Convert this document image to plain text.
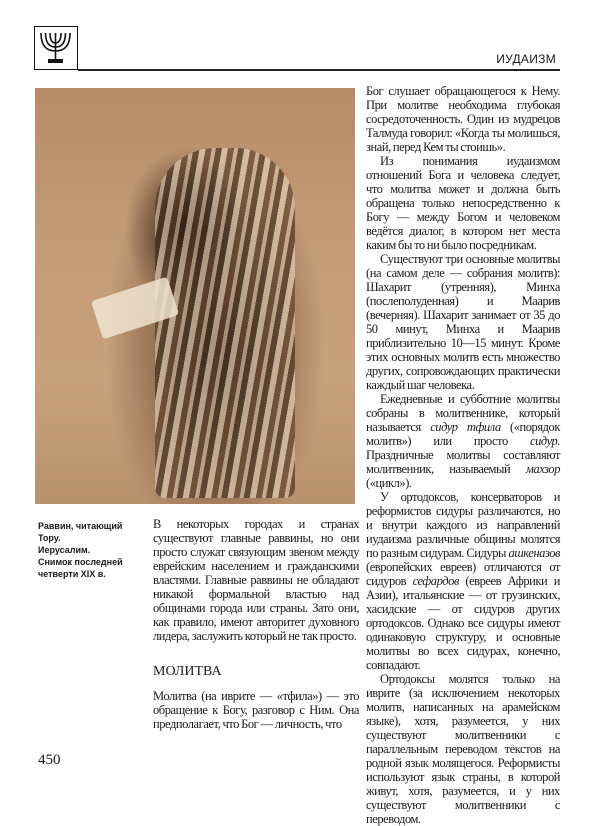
ИУДАИЗМ
Раввин, читающий Тору.
Иерусалим.
Снимок последней
четверти XIX в.

В некоторых городах и странах существуют главные раввины, но они просто служат связующим звеном между еврейским населением и гражданскими властями. Главные раввины не обладают никакой формальной властью над общинами города или страны. Зато они, как правило, имеют авторитет духовного лидера, заслужить который не так просто.

МОЛИТВА

Молитва (на иврите — «тфила») — это обращение к Богу, разговор с Ним. Она предполагает, что Бог — личность, что

Бог слушает обращающегося к Нему. При молитве необходима глубокая сосредоточенность. Один из мудрецов Талмуда говорил: «Когда ты молишься, знай, перед Кем ты стоишь».

Из понимания иудаизмом отношений Бога и человека следует, что молитва может и должна быть обращена только непосредственно к Богу — между Богом и человеком ведётся диалог, в котором нет места каким бы то ни было посредникам.

Существуют три основные молитвы (на самом деле — собрания молитв): Шахарит (утренняя), Минха (послеполуденная) и Маарив (вечерняя). Шахарит занимает от 35 до 50 минут, Минха и Маарив приблизительно 10—15 минут. Кроме этих основных молитв есть множество других, сопровождающих практически каждый шаг человека.

Ежедневные и субботние молитвы собраны в молитвеннике, который называется сидур тфила («порядок молитв») или просто сидур. Праздничные молитвы составляют молитвенник, называемый махзор («цикл»).

У ортодоксов, консерваторов и реформистов сидуры различаются, но и внутри каждого из направлений иудаизма различные общины молятся по разным сидурам. Сидуры ашкеназов (европейских евреев) отличаются от сидуров сефардов (евреев Африки и Азии), итальянские — от грузинских, хасидские — от сидуров других ортодоксов. Однако все сидуры имеют одинаковую структуру, и основные молитвы во всех сидурах, конечно, совпадают.

Ортодоксы молятся только на иврите (за исключением некоторых молитв, написанных на арамейском языке), хотя, разумеется, у них существуют молитвенники с параллельным переводом текстов на родной язык молящегося. Реформисты используют язык страны, в которой живут, хотя, разумеется, и у них существуют молитвенники с переводом.

450
